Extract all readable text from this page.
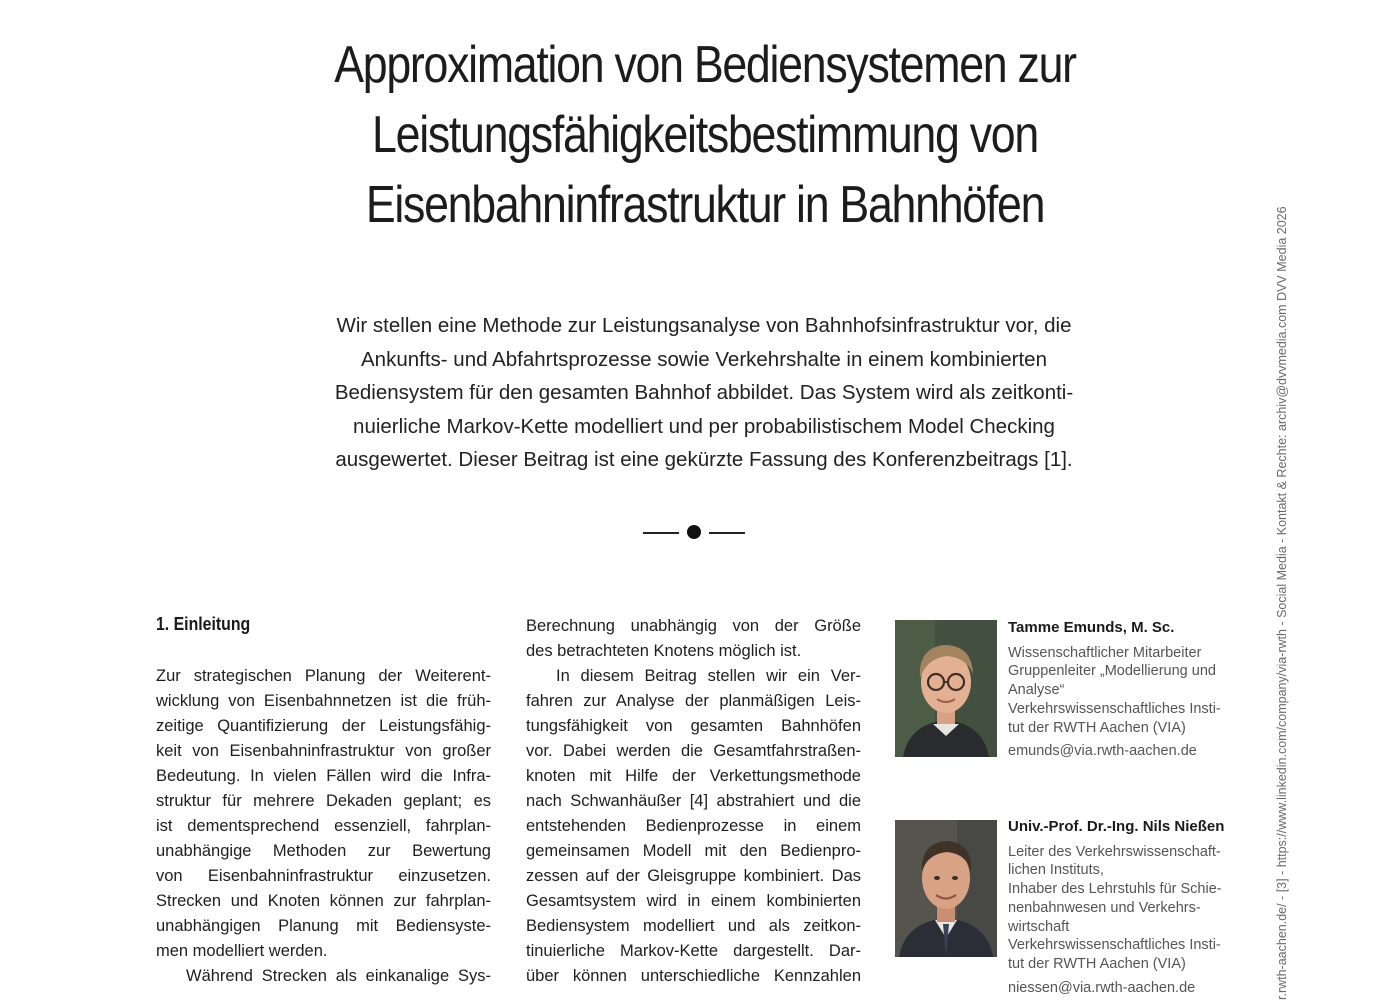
Approximation von Bediensystemen zur
Leistungsfähigkeitsbestimmung von
Eisenbahninfrastruktur in Bahnhöfen

Wir stellen eine Methode zur Leistungsanalyse von Bahnhofsinfrastruktur vor, die
Ankunfts- und Abfahrtsprozesse sowie Verkehrshalte in einem kombinierten
Bediensystem für den gesamten Bahnhof abbildet. Das System wird als zeitkonti-
nuierliche Markov-Kette modelliert und per probabilistischem Model Checking
ausgewertet. Dieser Beitrag ist eine gekürzte Fassung des Konferenzbeitrags [1].

1. Einleitung
Zur strategischen Planung der Weiterent-
wicklung von Eisenbahnnetzen ist die früh-
zeitige Quantifizierung der Leistungsfähig-
keit von Eisenbahninfrastruktur von großer
Bedeutung. In vielen Fällen wird die Infra-
struktur für mehrere Dekaden geplant; es
ist dementsprechend essenziell, fahrplan-
unabhängige Methoden zur Bewertung
von Eisenbahninfrastruktur einzusetzen.
Strecken und Knoten können zur fahrplan-
unabhängigen Planung mit Bediensyste-
men modelliert werden.
Während Strecken als einkanalige Sys-
Berechnung unabhängig von der Größe
des betrachteten Knotens möglich ist.
In diesem Beitrag stellen wir ein Ver-
fahren zur Analyse der planmäßigen Leis-
tungsfähigkeit von gesamten Bahnhöfen
vor. Dabei werden die Gesamtfahrstraßen-
knoten mit Hilfe der Verkettungsmethode
nach Schwanhäußer [4] abstrahiert und die
entstehenden Bedienprozesse in einem
gemeinsamen Modell mit den Bedienpro-
zessen auf der Gleisgruppe kombiniert. Das
Gesamtsystem wird in einem kombinierten
Bediensystem modelliert und als zeitkon-
tinuierliche Markov-Kette dargestellt. Dar-
über können unterschiedliche Kennzahlen
Tamme Emunds, M. Sc.
Wissenschaftlicher Mitarbeiter
Gruppenleiter „Modellierung und
Analyse“
Verkehrswissenschaftliches Insti-
tut der RWTH Aachen (VIA)
emunds@via.rwth-aachen.de
Univ.-Prof. Dr.-Ing. Nils Nießen
Leiter des Verkehrswissenschaft-
lichen Instituts,
Inhaber des Lehrstuhls für Schie-
nenbahnwesen und Verkehrs-
wirtschaft
Verkehrswissenschaftliches Insti-
tut der RWTH Aachen (VIA)
niessen@via.rwth-aachen.de	r.rwth-aachen.de/ - [3] - https://www.linkedin.com/company/via-rwth - Social Media - Kontakt & Rechte: archiv@dvvmedia.com DVV Media 2026
